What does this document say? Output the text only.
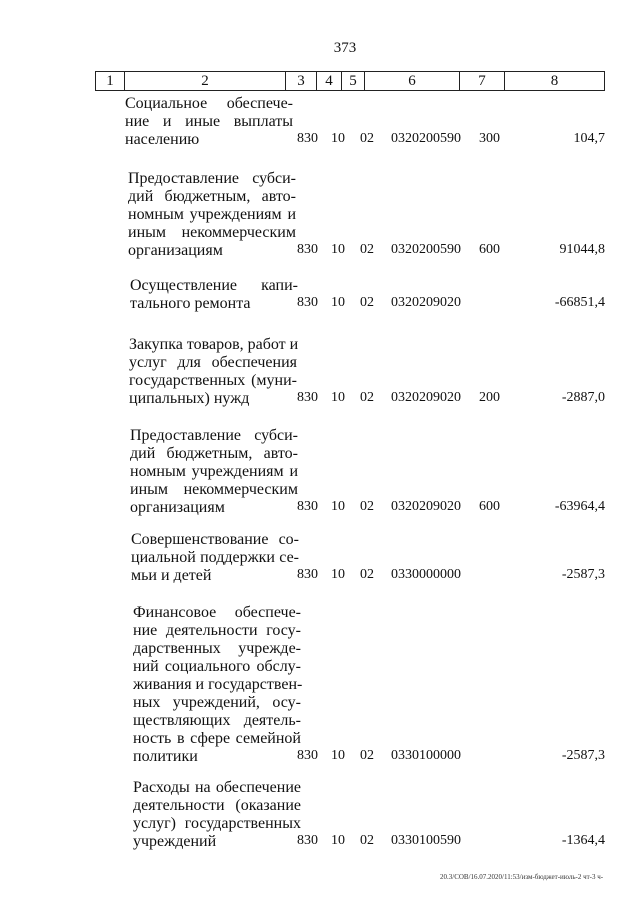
373
1	2	3	4	5	6	7	8
Социальное обеспече-
ние и иные выплаты
населению	830 10 02 0320200590 300	104,7
Предоставление субси-
дий бюджетным, авто-
номным учреждениям и
иным некоммерческим
организациям	830 10 02 0320200590 600	91044,8
Осуществление капи-
тального ремонта	830 10 02 0320209020	-66851,4
Закупка товаров, работ и
услуг для обеспечения
государственных (муни-
ципальных) нужд	830 10 02 0320209020 200	-2887,0
Предоставление субси-
дий бюджетным, авто-
номным учреждениям и
иным некоммерческим
организациям	830 10 02 0320209020 600	-63964,4
Совершенствование со-
циальной поддержки се-
мьи и детей	830 10 02 0330000000	-2587,3
Финансовое обеспече-
ние деятельности госу-
дарственных учрежде-
ний социального обслу-
живания и государствен-
ных учреждений, осу-
ществляющих деятель-
ность в сфере семейной
политики	830 10 02 0330100000	-2587,3
Расходы на обеспечение
деятельности (оказание
услуг) государственных
учреждений	830 10 02 0330100590	-1364,4
20.3/СОВ/16.07.2020/11:53/изм-бюджет-июль-2 чт-3 ч-
